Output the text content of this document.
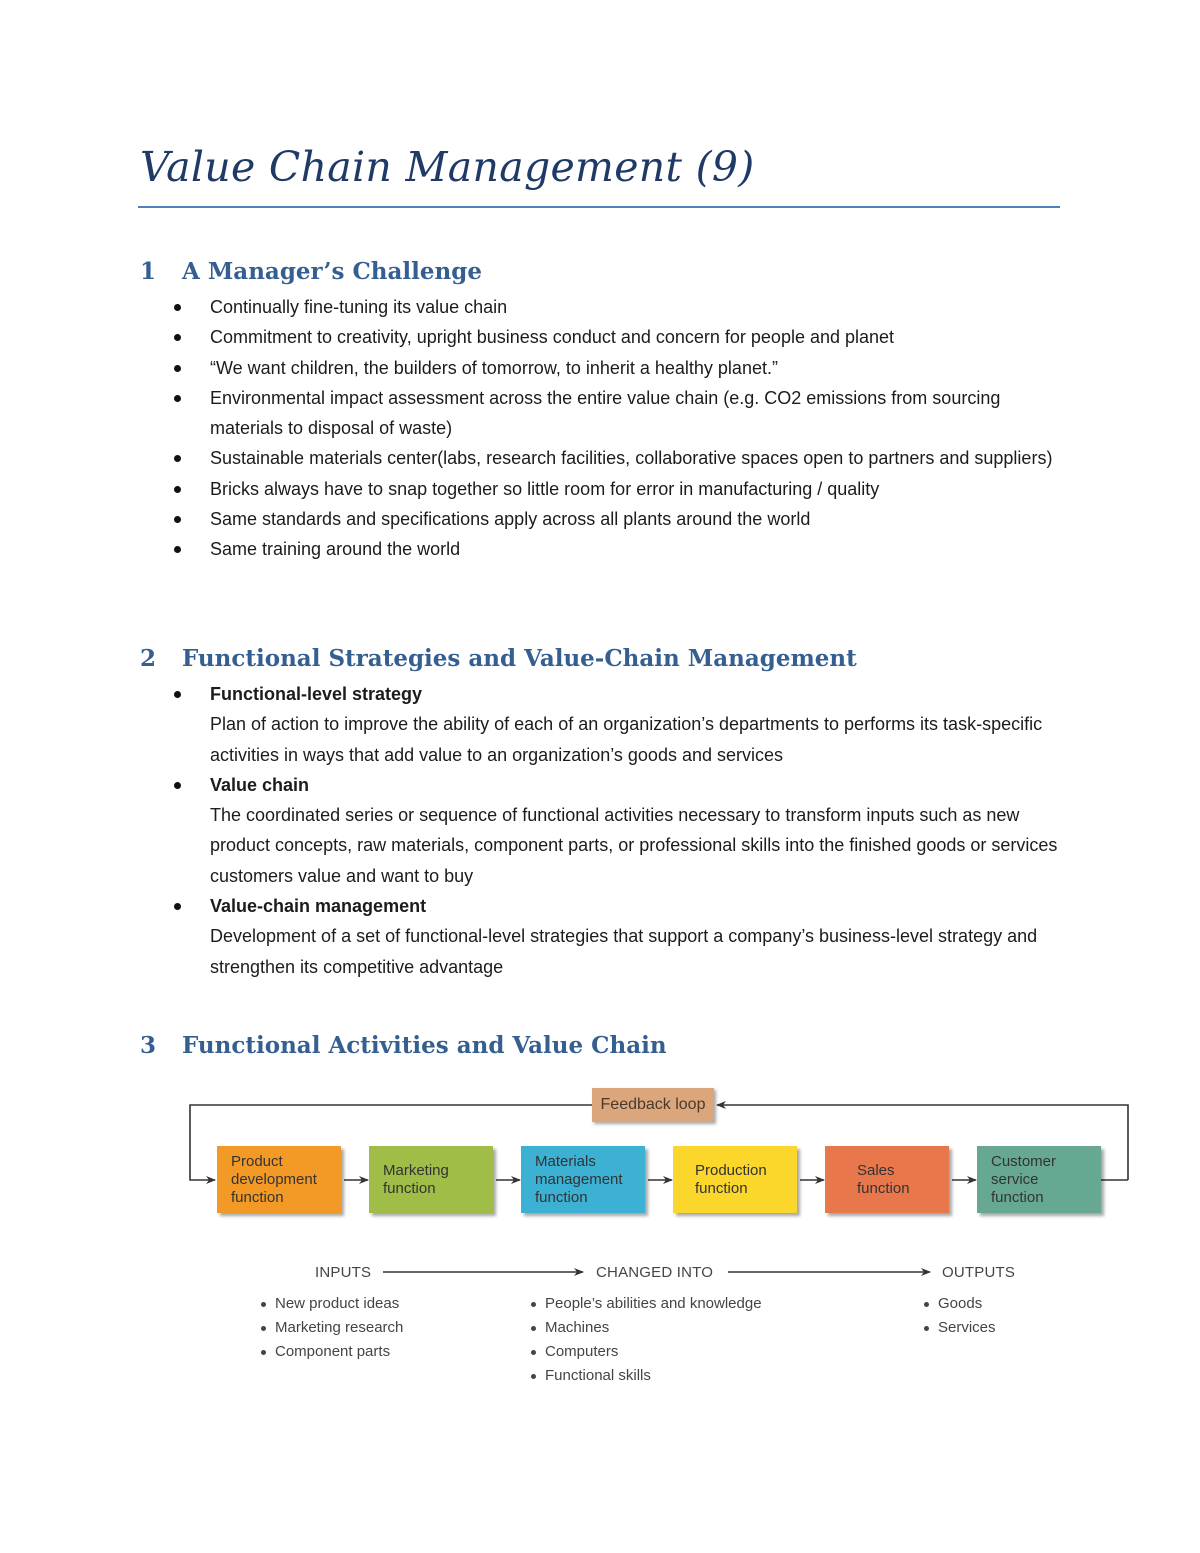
Value Chain Management (9)
1 A Manager’s Challenge
Continually fine-tuning its value chain
Commitment to creativity, upright business conduct and concern for people and planet
“We want children, the builders of tomorrow, to inherit a healthy planet.”
Environmental impact assessment across the entire value chain (e.g. CO2 emissions from sourcing materials to disposal of waste)
Sustainable materials center(labs, research facilities, collaborative spaces open to partners and suppliers)
Bricks always have to snap together so little room for error in manufacturing / quality
Same standards and specifications apply across all plants around the world
Same training around the world
2 Functional Strategies and Value-Chain Management
Functional-level strategy
Plan of action to improve the ability of each of an organization’s departments to performs its task-specific activities in ways that add value to an organization’s goods and services
Value chain
The coordinated series or sequence of functional activities necessary to transform inputs such as new product concepts, raw materials, component parts, or professional skills into the finished goods or services customers value and want to buy
Value-chain management
Development of a set of functional-level strategies that support a company’s business-level strategy and strengthen its competitive advantage
3 Functional Activities and Value Chain
Feedback loop
Product
development
function
Marketing
function
Materials
management
function
Production
function
Sales
function
Customer
service
function
INPUTS	CHANGED INTO	OUTPUTS
New product ideas
Marketing research
Component parts
People’s abilities and knowledge
Machines
Computers
Functional skills
Goods
Services
